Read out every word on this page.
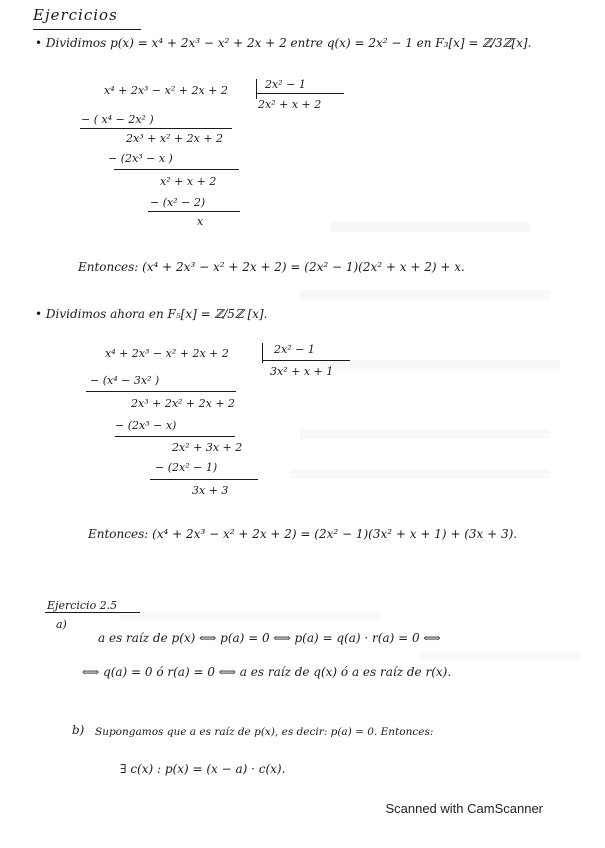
Ejercicios
• Dividimos p(x) = x⁴ + 2x³ − x² + 2x + 2 entre q(x) = 2x² − 1 en F₃[x] = ℤ/3ℤ[x].
x⁴ + 2x³ − x² + 2x + 2	2x² − 1
2x² + x + 2
− ( x⁴ − 2x² )
2x³ + x² + 2x + 2
− (2x³ − x )
x² + x + 2
− (x² − 2)
x
Entonces: (x⁴ + 2x³ − x² + 2x + 2) = (2x² − 1)(2x² + x + 2) + x.
• Dividimos ahora en F₅[x] = ℤ/5ℤ [x].
x⁴ + 2x³ − x² + 2x + 2	2x² − 1
3x² + x + 1
− (x⁴ − 3x² )
2x³ + 2x² + 2x + 2
− (2x³ − x)
2x² + 3x + 2
− (2x² − 1)
3x + 3
Entonces: (x⁴ + 2x³ − x² + 2x + 2) = (2x² − 1)(3x² + x + 1) + (3x + 3).
Ejercicio 2.5
a)
a es raíz de p(x) ⟺ p(a) = 0 ⟺ p(a) = q(a) · r(a) = 0 ⟺
⟺ q(a) = 0 ó r(a) = 0 ⟺ a es raíz de q(x) ó a es raíz de r(x).
b) Supongamos que a es raíz de p(x), es decir: p(a) = 0. Entonces:
∃ c(x) : p(x) = (x − a) · c(x).
Scanned with CamScanner
